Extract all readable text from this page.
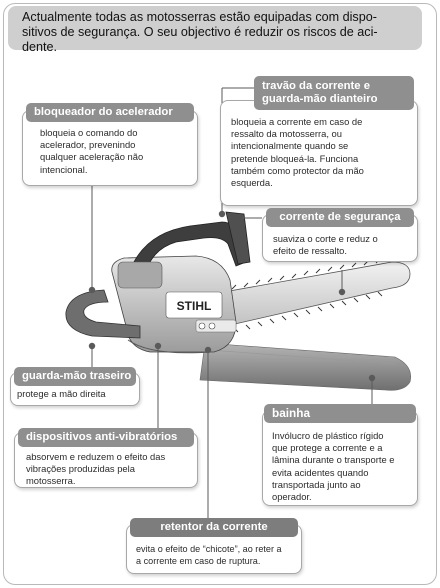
Actualmente todas as motosserras estão equipadas com dispo-
sitivos de segurança. O seu objectivo é reduzir os riscos de aci-
dente.
STIHL
bloqueador do acelerador
bloqueia o comando do
acelerador, prevenindo
qualquer aceleração não
intencional.
travão da corrente e
guarda-mão dianteiro
bloqueia a corrente em caso de
ressalto da motosserra, ou
intencionalmente quando se
pretende bloqueá-la. Funciona
também como protector da mão
esquerda.
corrente de segurança
suaviza o corte e reduz o
efeito de ressalto.
guarda-mão traseiro
protege a mão direita
dispositivos anti-vibratórios
absorvem e reduzem o efeito das
vibrações produzidas pela
motosserra.
bainha
Invólucro de plástico rígido
que protege a corrente e a
lâmina durante o transporte e
evita acidentes quando
transportada junto ao
operador.
retentor da corrente
evita o efeito de “chicote”, ao reter a
a corrente em caso de ruptura.
